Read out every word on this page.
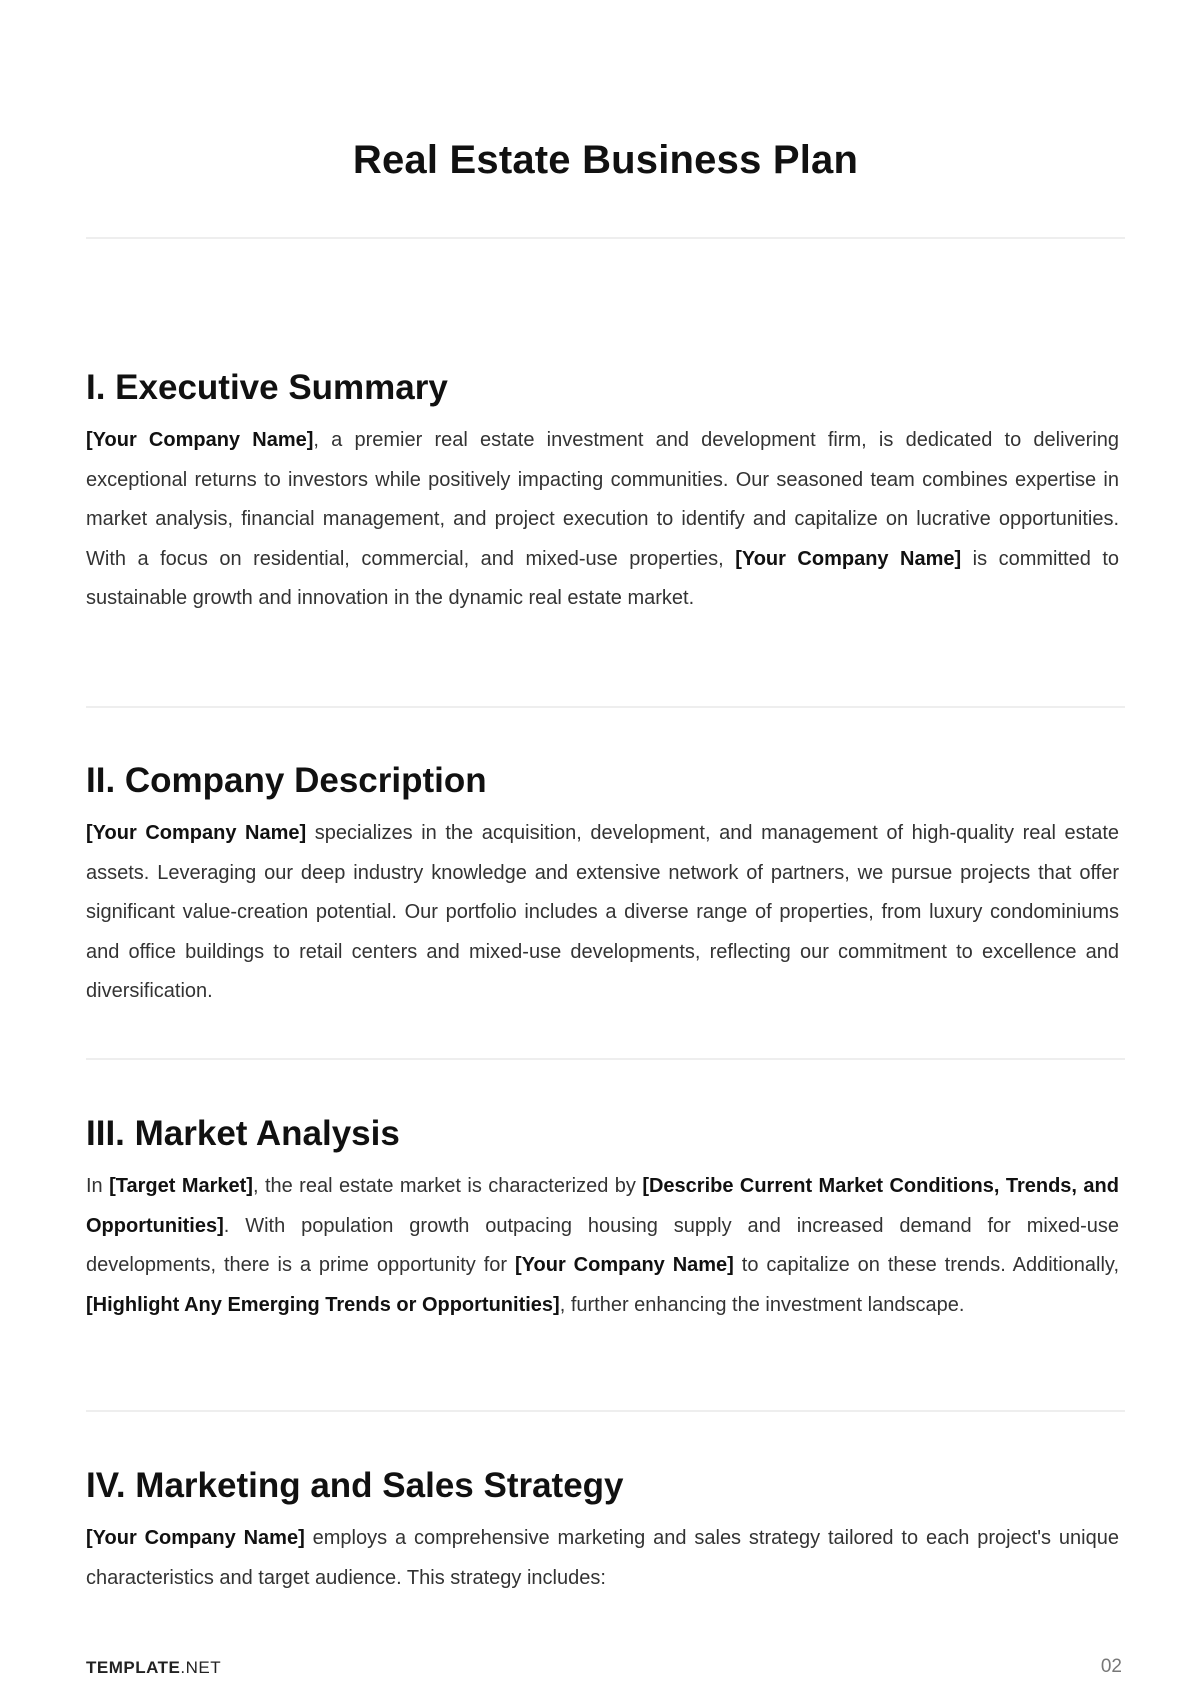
Real Estate Business Plan
I. Executive Summary

[Your Company Name], a premier real estate investment and development firm, is dedicated to delivering exceptional returns to investors while positively impacting communities. Our seasoned team combines expertise in market analysis, financial management, and project execution to identify and capitalize on lucrative opportunities. With a focus on residential, commercial, and mixed-use properties, [Your Company Name] is committed to sustainable growth and innovation in the dynamic real estate market.

II. Company Description

[Your Company Name] specializes in the acquisition, development, and management of high-quality real estate assets. Leveraging our deep industry knowledge and extensive network of partners, we pursue projects that offer significant value-creation potential. Our portfolio includes a diverse range of properties, from luxury condominiums and office buildings to retail centers and mixed-use developments, reflecting our commitment to excellence and diversification.

III. Market Analysis

In [Target Market], the real estate market is characterized by [Describe Current Market Conditions, Trends, and Opportunities]. With population growth outpacing housing supply and increased demand for mixed-use developments, there is a prime opportunity for [Your Company Name] to capitalize on these trends. Additionally, [Highlight Any Emerging Trends or Opportunities], further enhancing the investment landscape.

IV. Marketing and Sales Strategy

[Your Company Name] employs a comprehensive marketing and sales strategy tailored to each project's unique characteristics and target audience. This strategy includes:

TEMPLATE.NET	02
